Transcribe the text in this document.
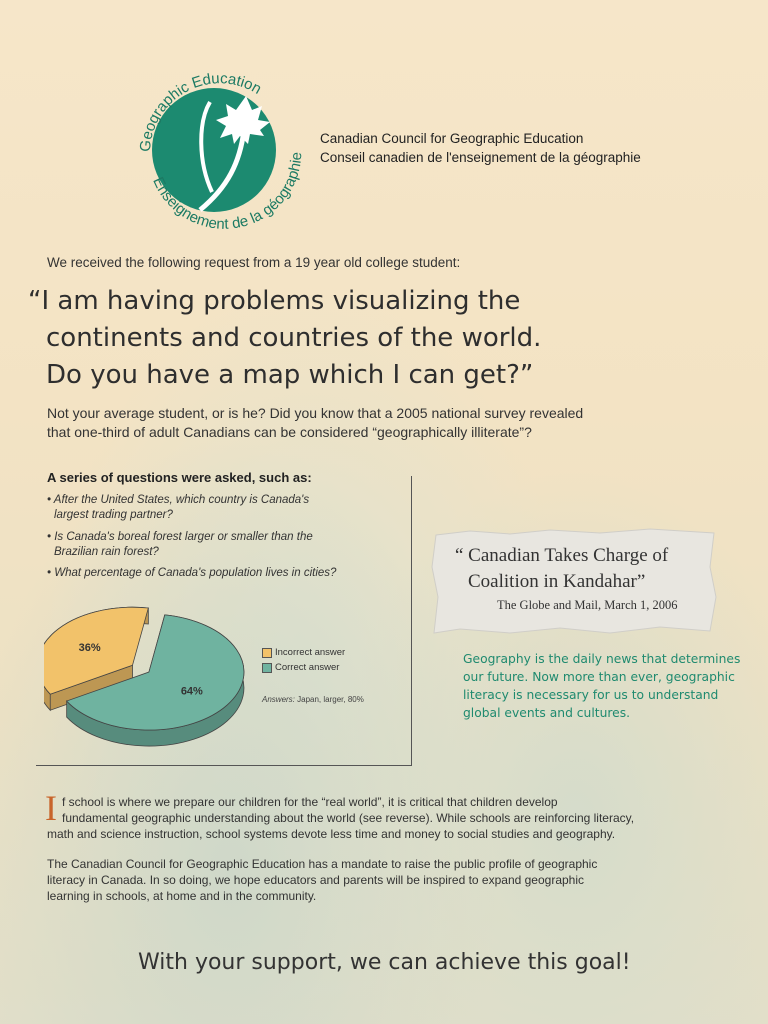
Geographic Education
Enseignement de la géographie
Canadian Council for Geographic Education
Conseil canadien de l'enseignement de la géographie
We received the following request from a 19 year old college student:
“I am having problems visualizing the
continents and countries of the world.
Do you have a map which I can get?”
Not your average student, or is he? Did you know that a 2005 national survey revealed
that one-third of adult Canadians can be considered “geographically illiterate”?
A series of questions were asked, such as:
• After the United States, which country is Canada's
largest trading partner?
• Is Canada's boreal forest larger or smaller than the
Brazilian rain forest?
• What percentage of Canada's population lives in cities?
36%
64%
Incorrect answer
Correct answer
Answers: Japan, larger, 80%
“ Canadian Takes Charge of
Coalition in Kandahar”
The Globe and Mail, March 1, 2006
Geography is the daily news that determines
our future. Now more than ever, geographic
literacy is necessary for us to understand
global events and cultures.
I f school is where we prepare our children for the “real world”, it is critical that children develop
fundamental geographic understanding about the world (see reverse). While schools are reinforcing literacy,
math and science instruction, school systems devote less time and money to social studies and geography.
The Canadian Council for Geographic Education has a mandate to raise the public profile of geographic
literacy in Canada. In so doing, we hope educators and parents will be inspired to expand geographic
learning in schools, at home and in the community.
With your support, we can achieve this goal!
